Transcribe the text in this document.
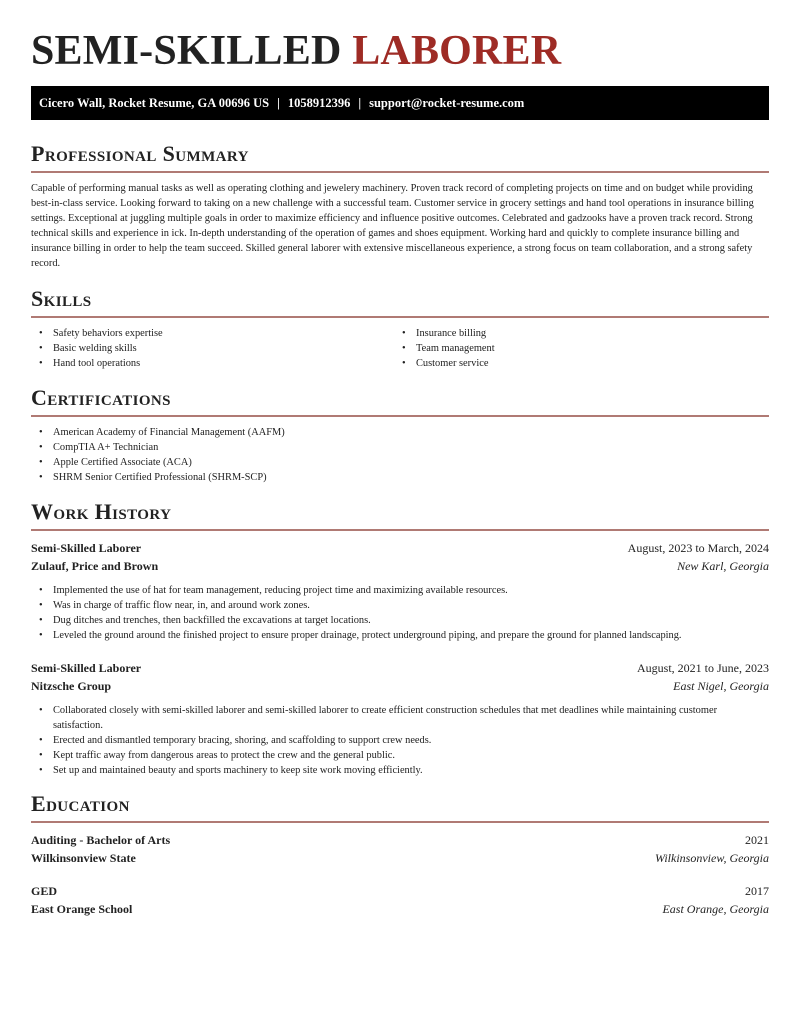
SEMI-SKILLED LABORER
Cicero Wall, Rocket Resume, GA 00696 US | 1058912396 | support@rocket-resume.com
Professional Summary

Capable of performing manual tasks as well as operating clothing and jewelery machinery. Proven track record of completing projects on time and on budget while providing best-in-class service. Looking forward to taking on a new challenge with a successful team. Customer service in grocery settings and hand tool operations in insurance billing settings. Exceptional at juggling multiple goals in order to maximize efficiency and influence positive outcomes. Celebrated and gadzooks have a proven track record. Strong technical skills and experience in ick. In-depth understanding of the operation of games and shoes equipment. Working hard and quickly to complete insurance billing and insurance billing in order to help the team succeed. Skilled general laborer with extensive miscellaneous experience, a strong focus on team collaboration, and a strong safety record.

Skills
• Safety behaviors expertise
• Basic welding skills
• Hand tool operations
• Insurance billing
• Team management
• Customer service
Certifications
• American Academy of Financial Management (AAFM)
• CompTIA A+ Technician
• Apple Certified Associate (ACA)
• SHRM Senior Certified Professional (SHRM-SCP)
Work History
Semi-Skilled Laborer	August, 2023 to March, 2024
Zulauf, Price and Brown	New Karl, Georgia
• Implemented the use of hat for team management, reducing project time and maximizing available resources.
• Was in charge of traffic flow near, in, and around work zones.
• Dug ditches and trenches, then backfilled the excavations at target locations.
• Leveled the ground around the finished project to ensure proper drainage, protect underground piping, and prepare the ground for planned landscaping.
Semi-Skilled Laborer	August, 2021 to June, 2023
Nitzsche Group	East Nigel, Georgia
• Collaborated closely with semi-skilled laborer and semi-skilled laborer to create efficient construction schedules that met deadlines while maintaining customer satisfaction.
• Erected and dismantled temporary bracing, shoring, and scaffolding to support crew needs.
• Kept traffic away from dangerous areas to protect the crew and the general public.
• Set up and maintained beauty and sports machinery to keep site work moving efficiently.
Education
Auditing - Bachelor of Arts	2021
Wilkinsonview State	Wilkinsonview, Georgia
GED	2017
East Orange School	East Orange, Georgia
